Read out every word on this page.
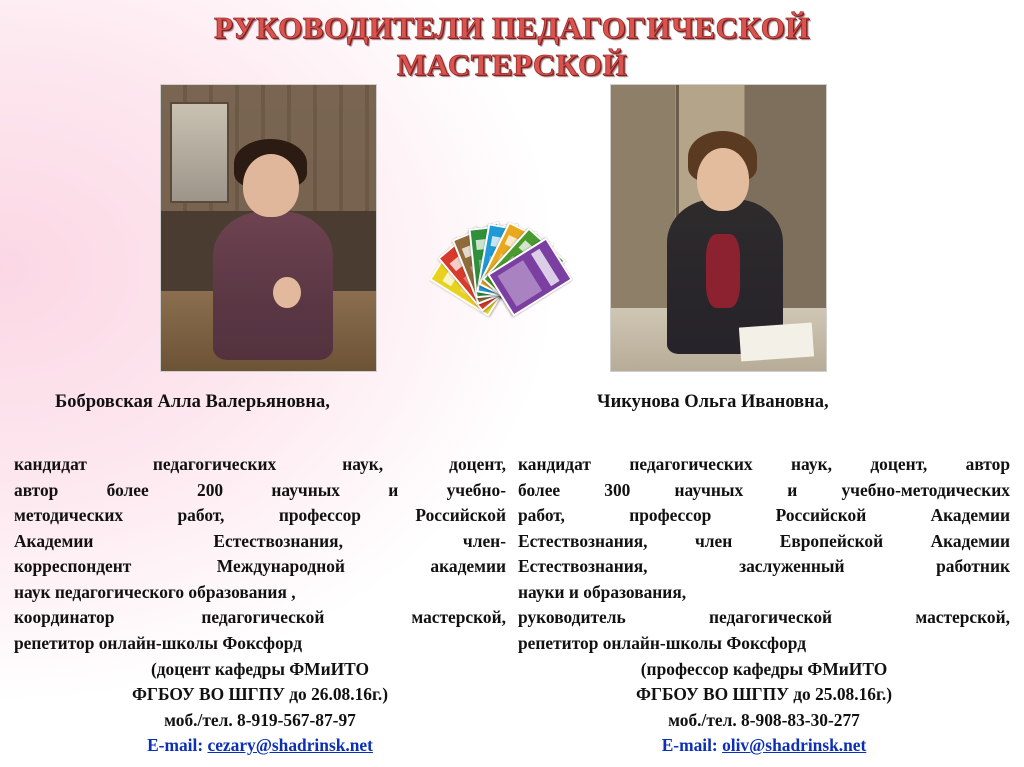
РУКОВОДИТЕЛИ ПЕДАГОГИЧЕСКОЙ
МАСТЕРСКОЙ
Бобровская Алла Валерьяновна,	Чикунова Ольга Ивановна,

кандидат педагогических наук, доцент,

автор более 200 научных и учебно-

методических работ, профессор Российской

Академии Естествознания, член-

корреспондент Международной академии

наук педагогического образования ,

координатор педагогической мастерской,

репетитор онлайн-школы Фоксфорд

(доцент кафедры ФМиИТО

ФГБОУ ВО ШГПУ до 26.08.16г.)

моб./тел. 8-919-567-87-97

E-mail: cezary@shadrinsk.net

кандидат педагогических наук, доцент, автор

более 300 научных и учебно-методических

работ, профессор Российской Академии

Естествознания, член Европейской Академии

Естествознания, заслуженный работник

науки и образования,

руководитель педагогической мастерской,

репетитор онлайн-школы Фоксфорд

(профессор кафедры ФМиИТО

ФГБОУ ВО ШГПУ до 25.08.16г.)

моб./тел. 8-908-83-30-277

E-mail: oliv@shadrinsk.net
